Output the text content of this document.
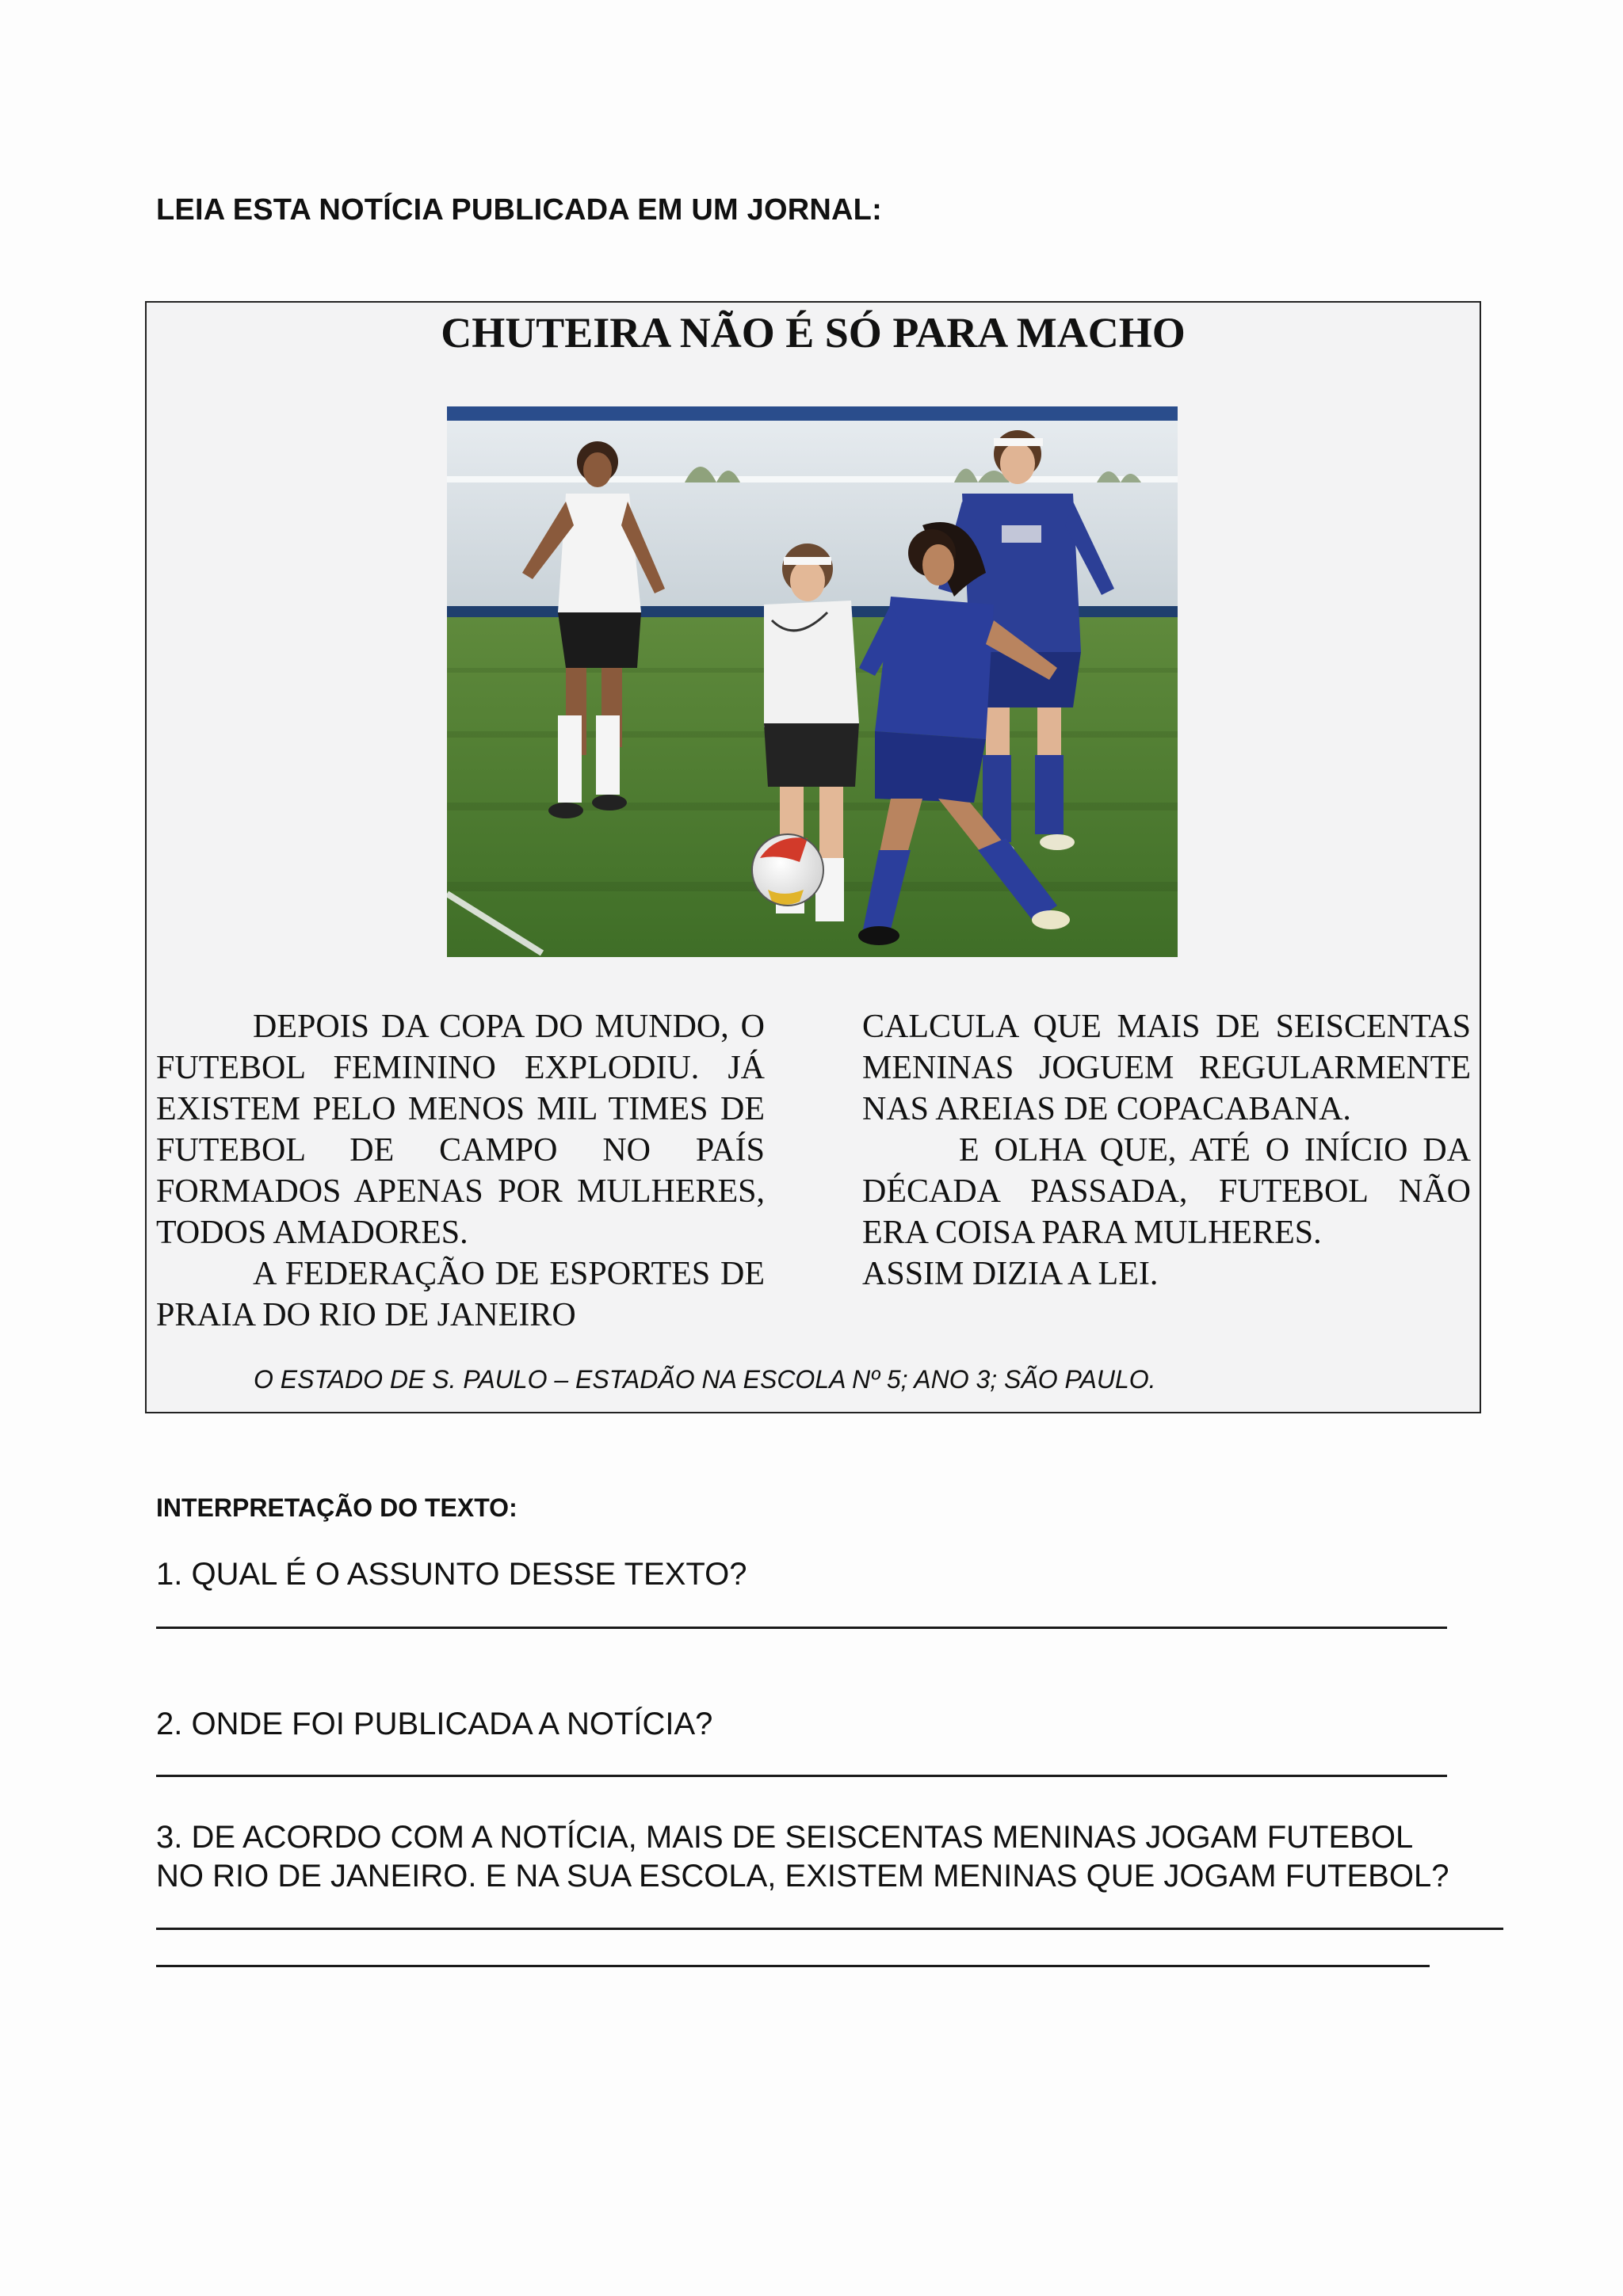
LEIA ESTA NOTÍCIA PUBLICADA EM UM JORNAL:
CHUTEIRA NÃO É SÓ PARA MACHO

DEPOIS DA COPA DO MUNDO, O FUTEBOL FEMININO EXPLODIU. JÁ EXISTEM PELO MENOS MIL TIMES DE FUTEBOL DE CAMPO NO PAÍS FORMADOS APENAS POR MULHERES, TODOS AMADORES.

A FEDERAÇÃO DE ESPORTES DE PRAIA DO RIO DE JANEIRO

CALCULA QUE MAIS DE SEISCENTAS MENINAS JOGUEM REGULARMENTE NAS AREIAS DE COPACABANA.

E OLHA QUE, ATÉ O INÍCIO DA DÉCADA PASSADA, FUTEBOL NÃO ERA COISA PARA MULHERES.

ASSIM DIZIA A LEI.

O ESTADO DE S. PAULO – ESTADÃO NA ESCOLA Nº 5; ANO 3; SÃO PAULO.
INTERPRETAÇÃO DO TEXTO:
1. QUAL É O ASSUNTO DESSE TEXTO?
2. ONDE FOI PUBLICADA A NOTÍCIA?
3. DE ACORDO COM A NOTÍCIA, MAIS DE SEISCENTAS MENINAS JOGAM FUTEBOL
NO RIO DE JANEIRO. E NA SUA ESCOLA, EXISTEM MENINAS QUE JOGAM FUTEBOL?
